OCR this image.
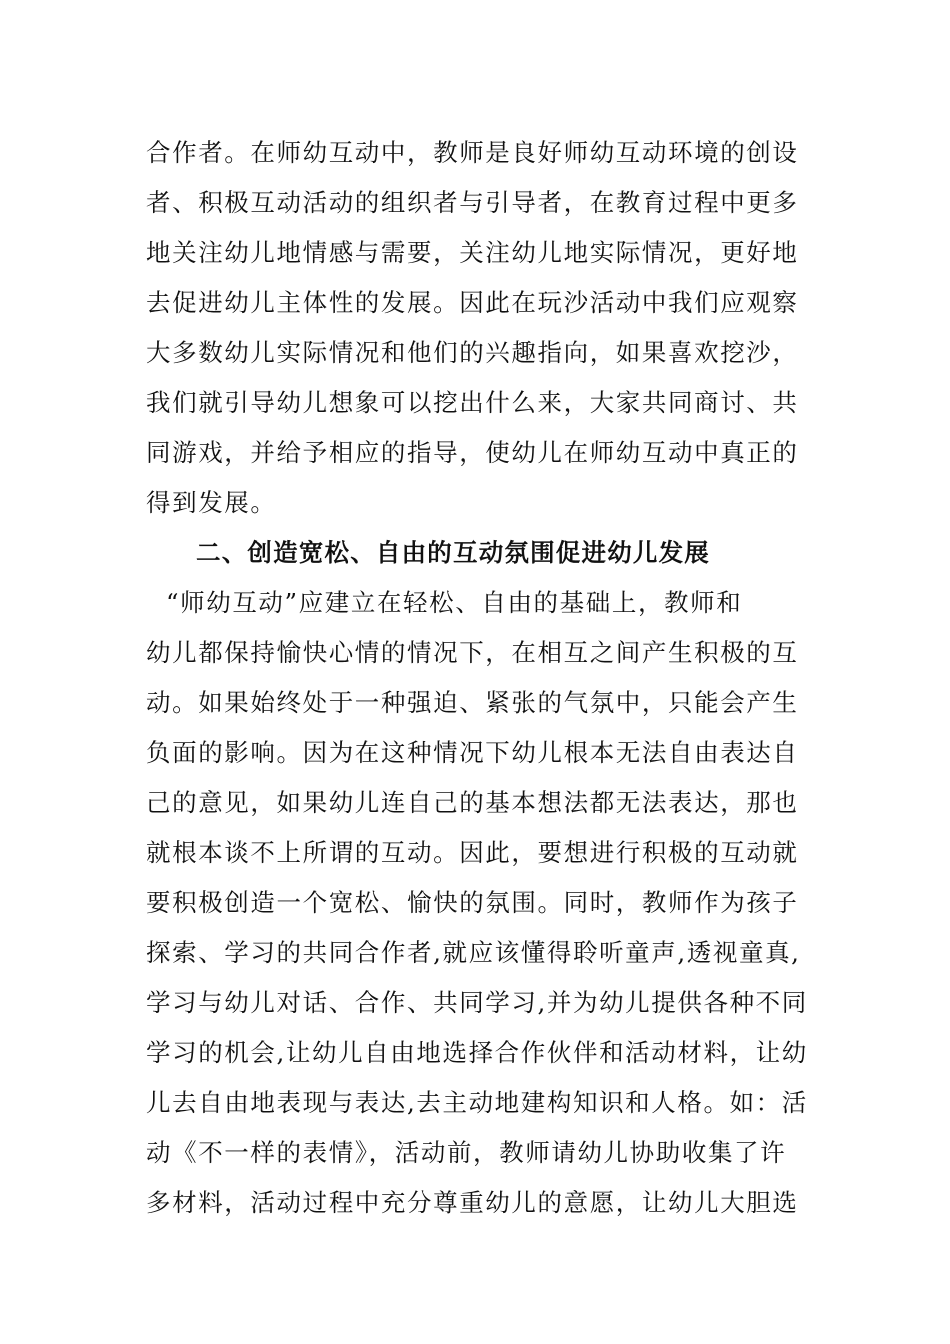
合作者。在师幼互动中，教师是良好师幼互动环境的创设
者、积极互动活动的组织者与引导者，在教育过程中更多
地关注幼儿地情感与需要，关注幼儿地实际情况，更好地
去促进幼儿主体性的发展。因此在玩沙活动中我们应观察
大多数幼儿实际情况和他们的兴趣指向，如果喜欢挖沙，
我们就引导幼儿想象可以挖出什么来，大家共同商讨、共
同游戏，并给予相应的指导，使幼儿在师幼互动中真正的
得到发展。
二、创造宽松、自由的互动氛围促进幼儿发展
“师幼互动”应建立在轻松、自由的基础上，教师和
幼儿都保持愉快心情的情况下，在相互之间产生积极的互
动。如果始终处于一种强迫、紧张的气氛中，只能会产生
负面的影响。因为在这种情况下幼儿根本无法自由表达自
己的意见，如果幼儿连自己的基本想法都无法表达，那也
就根本谈不上所谓的互动。因此，要想进行积极的互动就
要积极创造一个宽松、愉快的氛围。同时，教师作为孩子
探索、学习的共同合作者,就应该懂得聆听童声,透视童真,
学习与幼儿对话、合作、共同学习,并为幼儿提供各种不同
学习的机会,让幼儿自由地选择合作伙伴和活动材料，让幼
儿去自由地表现与表达,去主动地建构知识和人格。如：活
动《不一样的表情》，活动前，教师请幼儿协助收集了许
多材料，活动过程中充分尊重幼儿的意愿，让幼儿大胆选
